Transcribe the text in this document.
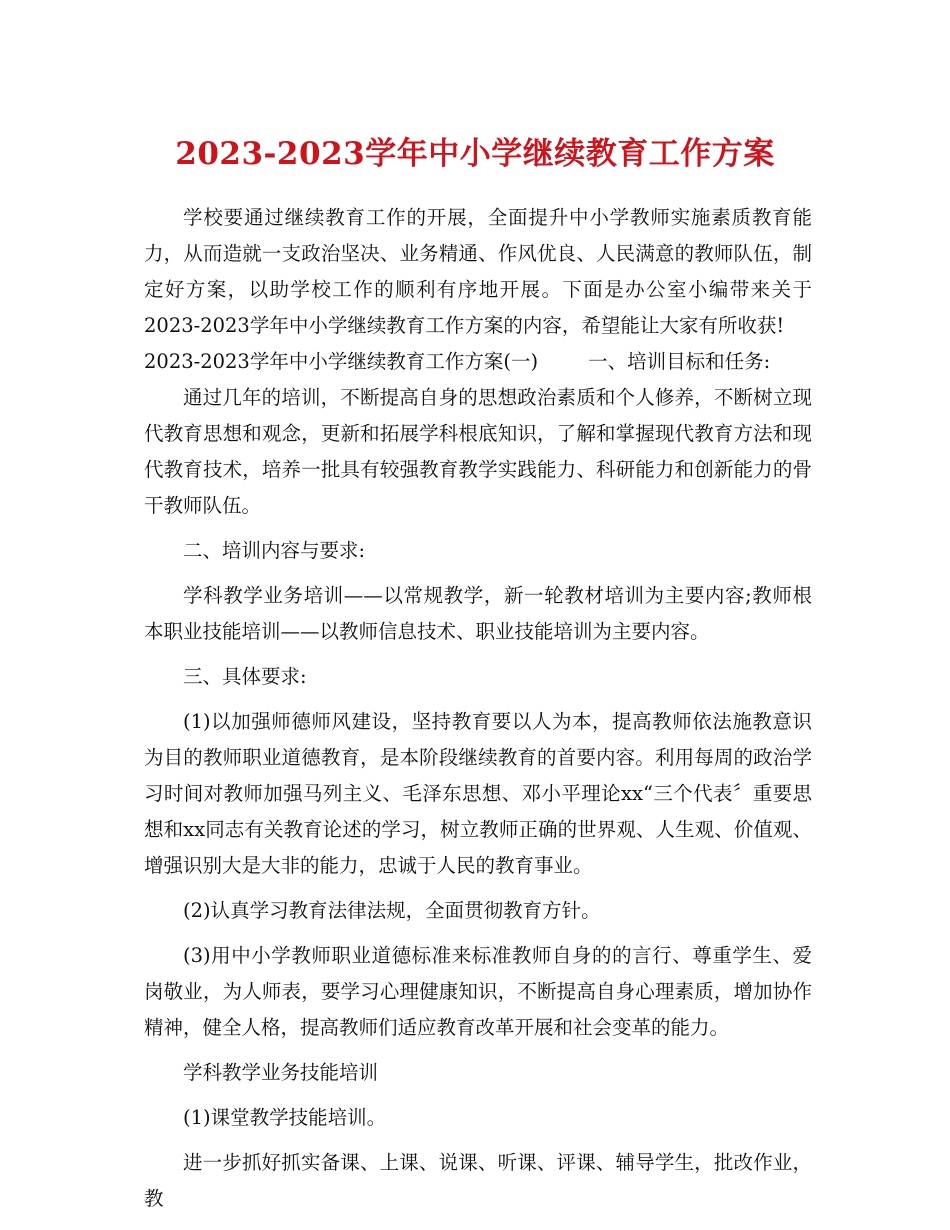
2023-2023学年中小学继续教育工作方案

学校要通过继续教育工作的开展，全面提升中小学教师实施素质教育能力，从而造就一支政治坚决、业务精通、作风优良、人民满意的教师队伍，制定好方案，以助学校工作的顺利有序地开展。下面是办公室小编带来关于2023-2023学年中小学继续教育工作方案的内容，希望能让大家有所收获!

2023-2023学年中小学继续教育工作方案(一)	一、培训目标和任务:

通过几年的培训，不断提高自身的思想政治素质和个人修养，不断树立现代教育思想和观念，更新和拓展学科根底知识，了解和掌握现代教育方法和现代教育技术，培养一批具有较强教育教学实践能力、科研能力和创新能力的骨干教师队伍。

二、培训内容与要求:

学科教学业务培训——以常规教学，新一轮教材培训为主要内容;教师根本职业技能培训——以教师信息技术、职业技能培训为主要内容。

三、具体要求:

(1)以加强师德师风建设，坚持教育要以人为本，提高教师依法施教意识为目的教师职业道德教育，是本阶段继续教育的首要内容。利用每周的政治学习时间对教师加强马列主义、毛泽东思想、邓小平理论xx“三个代表〞重要思想和xx同志有关教育论述的学习，树立教师正确的世界观、人生观、价值观、增强识别大是大非的能力，忠诚于人民的教育事业。

(2)认真学习教育法律法规，全面贯彻教育方针。

(3)用中小学教师职业道德标准来标准教师自身的的言行、尊重学生、爱岗敬业，为人师表，要学习心理健康知识，不断提高自身心理素质，增加协作精神，健全人格，提高教师们适应教育改革开展和社会变革的能力。

学科教学业务技能培训

(1)课堂教学技能培训。

进一步抓好抓实备课、上课、说课、听课、评课、辅导学生，批改作业，教
